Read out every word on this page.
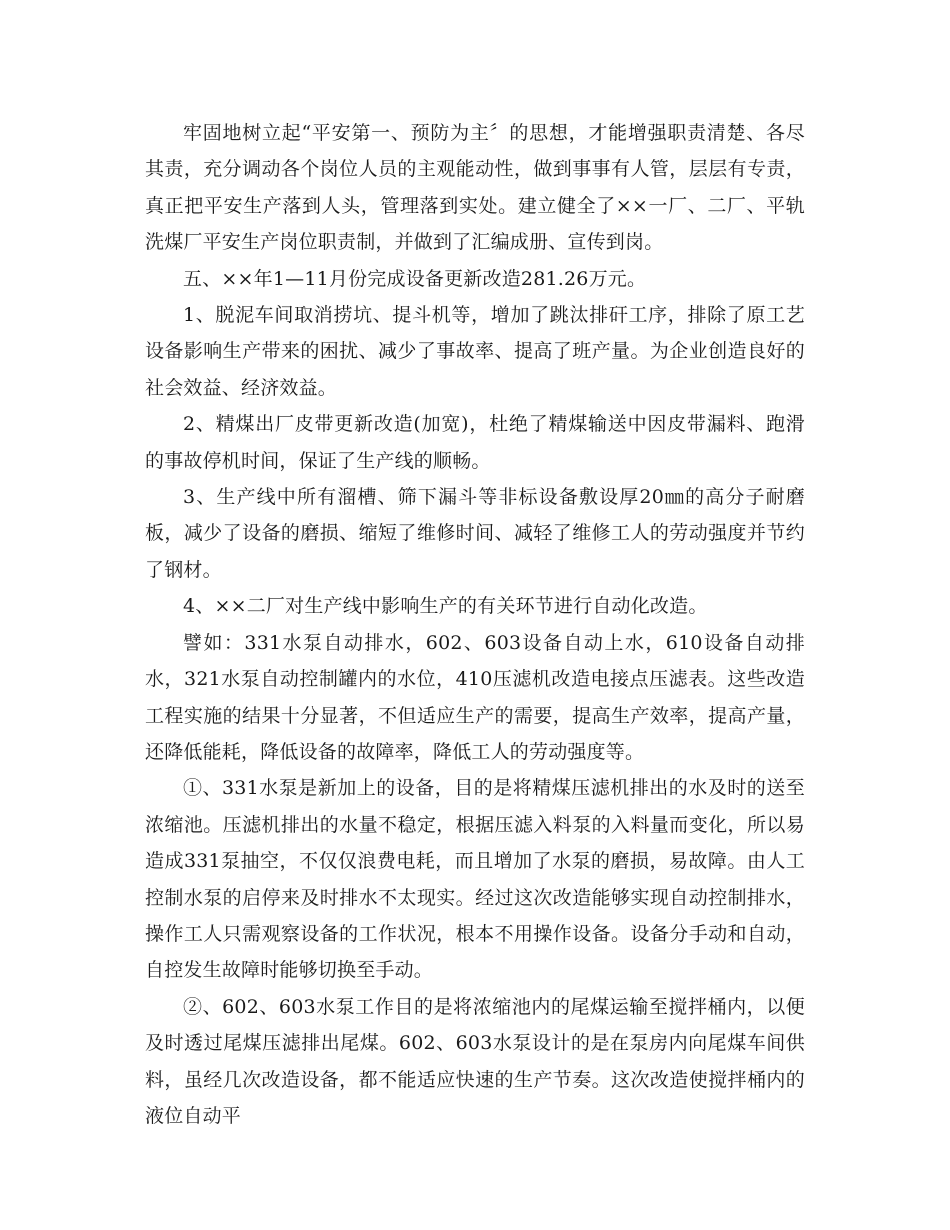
牢固地树立起“平安第一、预防为主〞的思想，才能增强职责清楚、各尽其责，充分调动各个岗位人员的主观能动性，做到事事有人管，层层有专责，真正把平安生产落到人头，管理落到实处。建立健全了××一厂、二厂、平轨洗煤厂平安生产岗位职责制，并做到了汇编成册、宣传到岗。

五、××年1—11月份完成设备更新改造281.26万元。

1、脱泥车间取消捞坑、提斗机等，增加了跳汰排矸工序，排除了原工艺设备影响生产带来的困扰、减少了事故率、提高了班产量。为企业创造良好的社会效益、经济效益。

2、精煤出厂皮带更新改造(加宽)，杜绝了精煤输送中因皮带漏料、跑滑的事故停机时间，保证了生产线的顺畅。

3、生产线中所有溜槽、筛下漏斗等非标设备敷设厚20㎜的高分子耐磨板，减少了设备的磨损、缩短了维修时间、减轻了维修工人的劳动强度并节约了钢材。

4、××二厂对生产线中影响生产的有关环节进行自动化改造。

譬如：331水泵自动排水，602、603设备自动上水，610设备自动排水，321水泵自动控制罐内的水位，410压滤机改造电接点压滤表。这些改造工程实施的结果十分显著，不但适应生产的需要，提高生产效率，提高产量，还降低能耗，降低设备的故障率，降低工人的劳动强度等。

①、331水泵是新加上的设备，目的是将精煤压滤机排出的水及时的送至浓缩池。压滤机排出的水量不稳定，根据压滤入料泵的入料量而变化，所以易造成331泵抽空，不仅仅浪费电耗，而且增加了水泵的磨损，易故障。由人工控制水泵的启停来及时排水不太现实。经过这次改造能够实现自动控制排水，操作工人只需观察设备的工作状况，根本不用操作设备。设备分手动和自动，自控发生故障时能够切换至手动。

②、602、603水泵工作目的是将浓缩池内的尾煤运输至搅拌桶内，以便及时透过尾煤压滤排出尾煤。602、603水泵设计的是在泵房内向尾煤车间供料，虽经几次改造设备，都不能适应快速的生产节奏。这次改造使搅拌桶内的液位自动平
